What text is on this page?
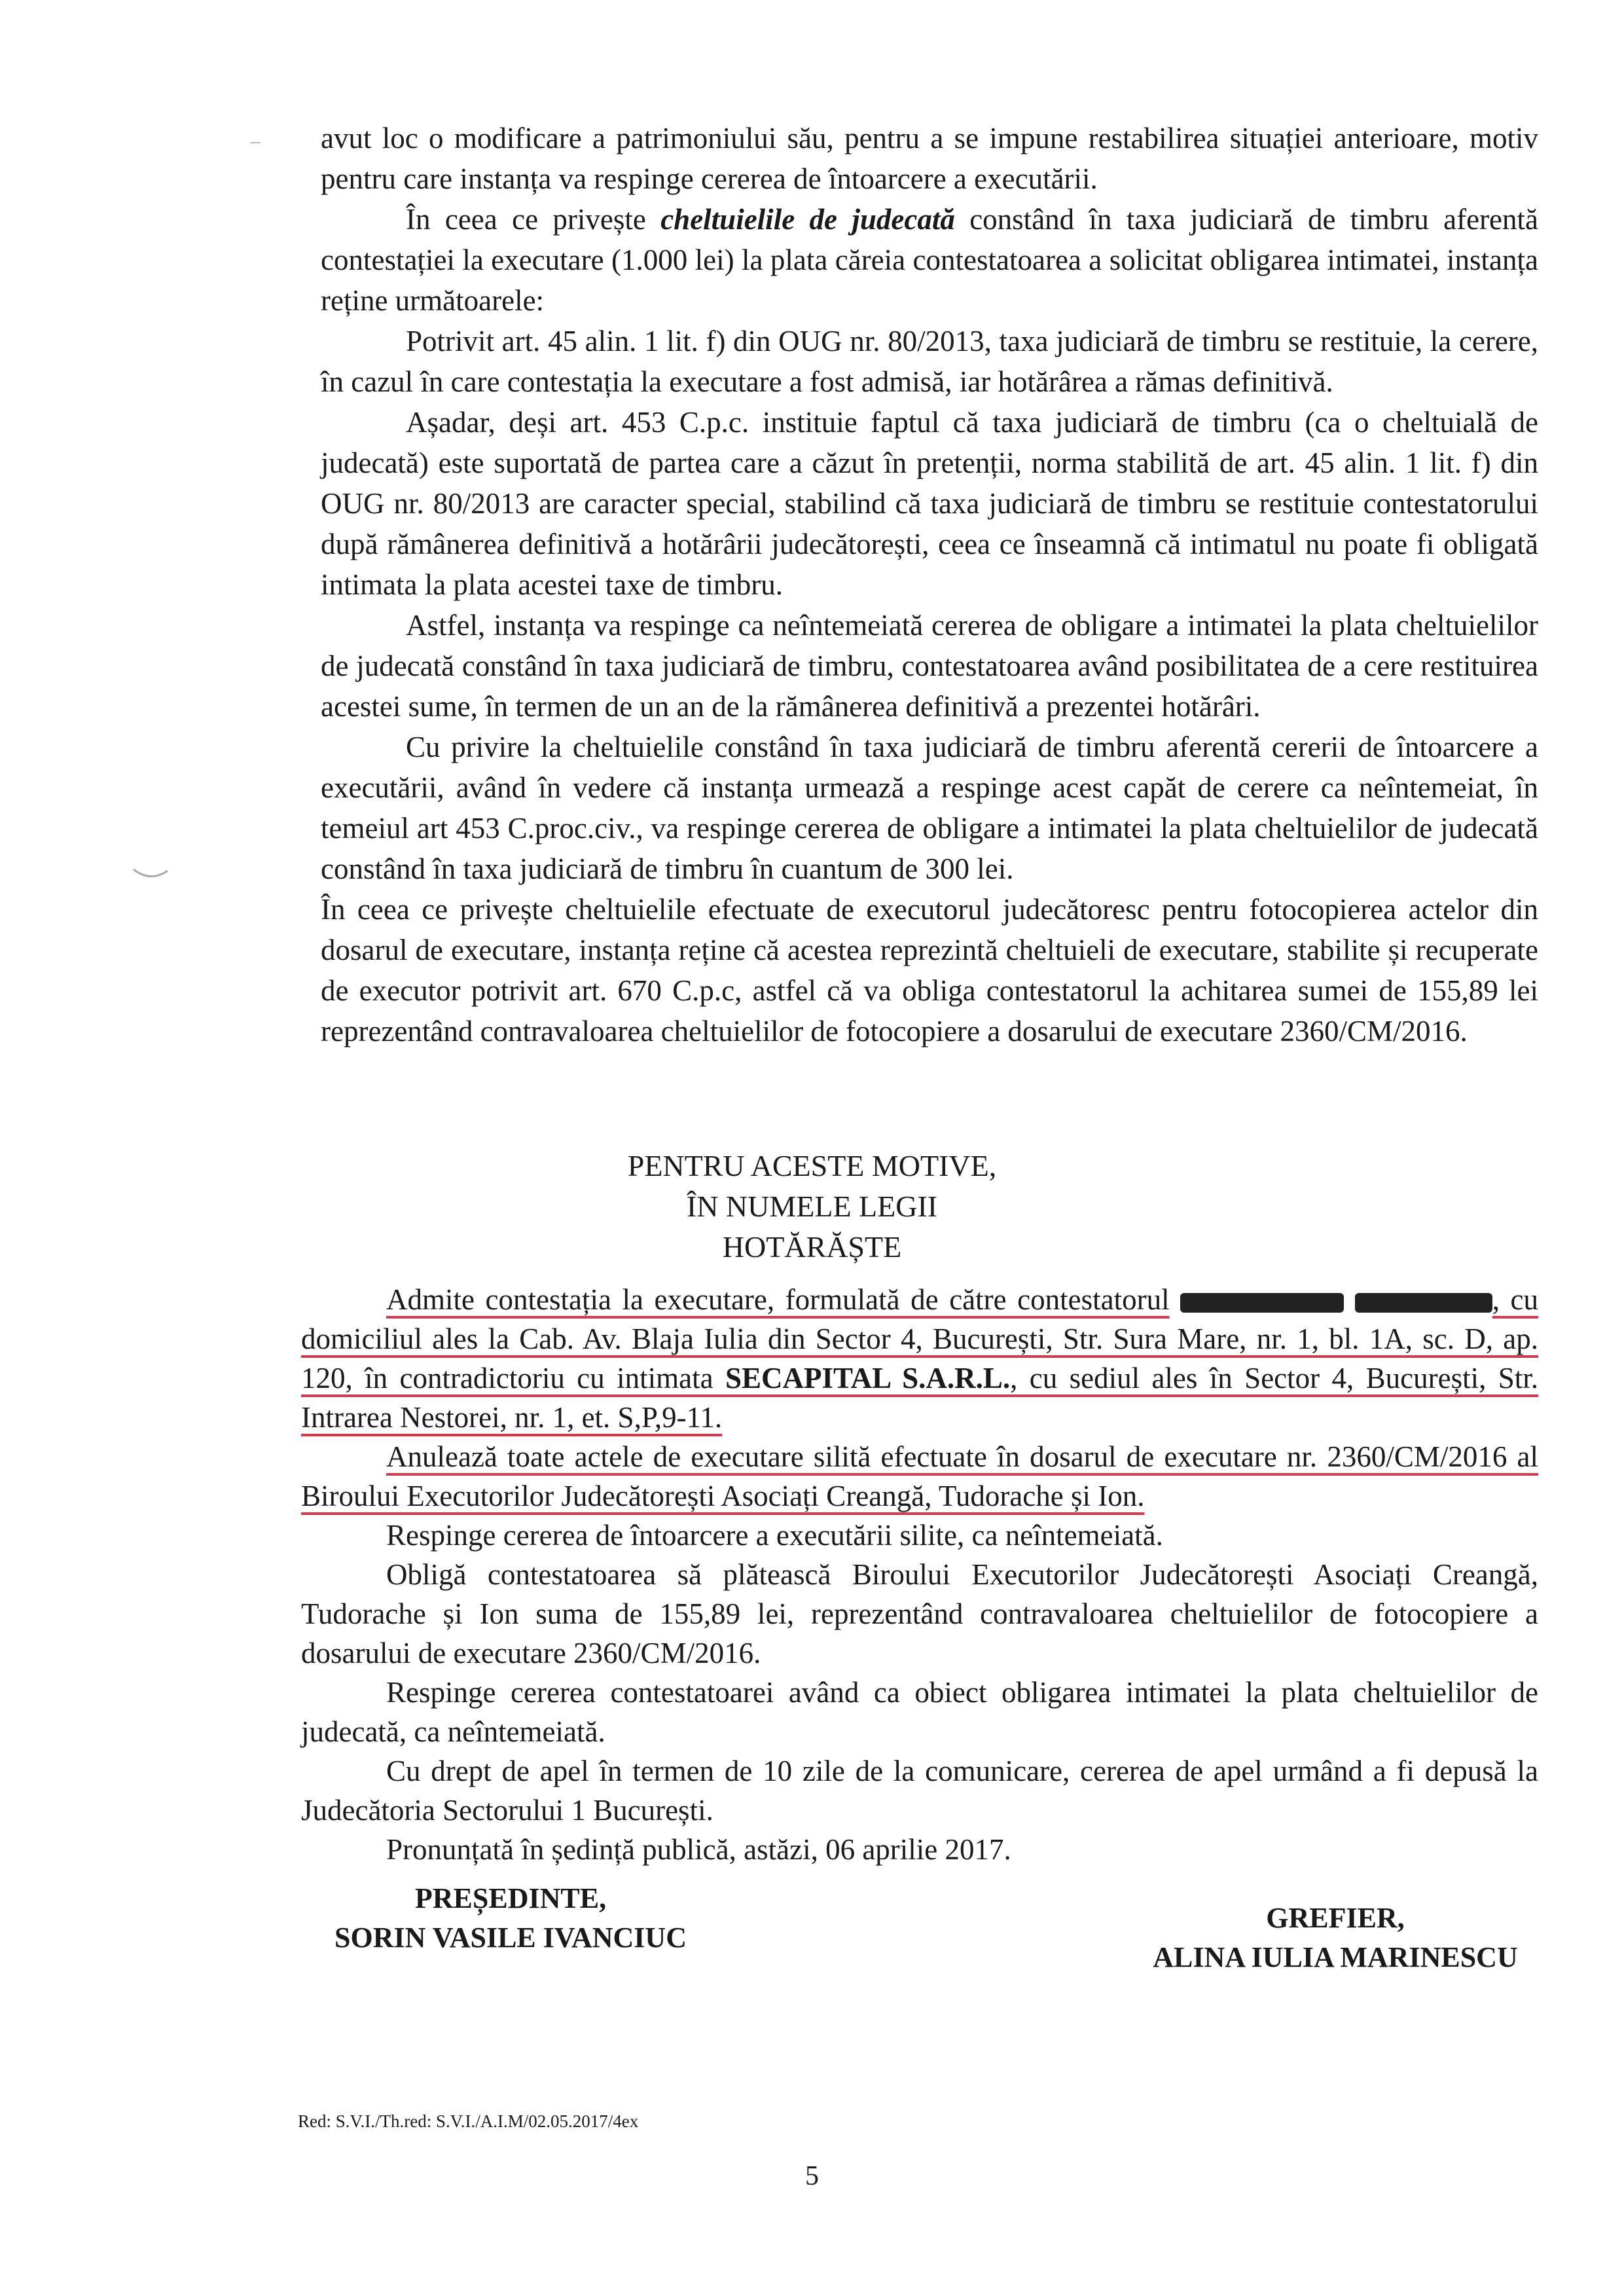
avut loc o modificare a patrimoniului său, pentru a se impune restabilirea situației anterioare, motiv pentru care instanța va respinge cererea de întoarcere a executării.

În ceea ce privește cheltuielile de judecată constând în taxa judiciară de timbru aferentă contestației la executare (1.000 lei) la plata căreia contestatoarea a solicitat obligarea intimatei, instanța reține următoarele:

Potrivit art. 45 alin. 1 lit. f) din OUG nr. 80/2013, taxa judiciară de timbru se restituie, la cerere, în cazul în care contestația la executare a fost admisă, iar hotărârea a rămas definitivă.

Așadar, deși art. 453 C.p.c. instituie faptul că taxa judiciară de timbru (ca o cheltuială de judecată) este suportată de partea care a căzut în pretenții, norma stabilită de art. 45 alin. 1 lit. f) din OUG nr. 80/2013 are caracter special, stabilind că taxa judiciară de timbru se restituie contestatorului după rămânerea definitivă a hotărârii judecătorești, ceea ce înseamnă că intimatul nu poate fi obligată intimata la plata acestei taxe de timbru.

Astfel, instanța va respinge ca neîntemeiată cererea de obligare a intimatei la plata cheltuielilor de judecată constând în taxa judiciară de timbru, contestatoarea având posibilitatea de a cere restituirea acestei sume, în termen de un an de la rămânerea definitivă a prezentei hotărâri.

Cu privire la cheltuielile constând în taxa judiciară de timbru aferentă cererii de întoarcere a executării, având în vedere că instanța urmează a respinge acest capăt de cerere ca neîntemeiat, în temeiul art 453 C.proc.civ., va respinge cererea de obligare a intimatei la plata cheltuielilor de judecată constând în taxa judiciară de timbru în cuantum de 300 lei.

În ceea ce privește cheltuielile efectuate de executorul judecătoresc pentru fotocopierea actelor din dosarul de executare, instanța reține că acestea reprezintă cheltuieli de executare, stabilite și recuperate de executor potrivit art. 670 C.p.c, astfel că va obliga contestatorul la achitarea sumei de 155,89 lei reprezentând contravaloarea cheltuielilor de fotocopiere a dosarului de executare 2360/CM/2016.

PENTRU ACESTE MOTIVE,
ÎN NUMELE LEGII
HOTĂRĂȘTE

Admite contestația la executare, formulată de către contestatorul	, cu domiciliul ales la Cab. Av. Blaja Iulia din Sector 4, București, Str. Sura Mare, nr. 1, bl. 1A, sc. D, ap. 120, în contradictoriu cu intimata SECAPITAL S.A.R.L., cu sediul ales în Sector 4, București, Str. Intrarea Nestorei, nr. 1, et. S,P,9-11.

Anulează toate actele de executare silită efectuate în dosarul de executare nr. 2360/CM/2016 al Biroului Executorilor Judecătorești Asociați Creangă, Tudorache și Ion.

Respinge cererea de întoarcere a executării silite, ca neîntemeiată.

Obligă contestatoarea să plătească Biroului Executorilor Judecătorești Asociați Creangă, Tudorache și Ion suma de 155,89 lei, reprezentând contravaloarea cheltuielilor de fotocopiere a dosarului de executare 2360/CM/2016.

Respinge cererea contestatoarei având ca obiect obligarea intimatei la plata cheltuielilor de judecată, ca neîntemeiată.

Cu drept de apel în termen de 10 zile de la comunicare, cererea de apel urmând a fi depusă la Judecătoria Sectorului 1 București.

Pronunțată în ședință publică, astăzi, 06 aprilie 2017.

PREȘEDINTE,
SORIN VASILE IVANCIUC
GREFIER,
ALINA IULIA MARINESCU
Red: S.V.I./Th.red: S.V.I./A.I.M/02.05.2017/4ex
5
